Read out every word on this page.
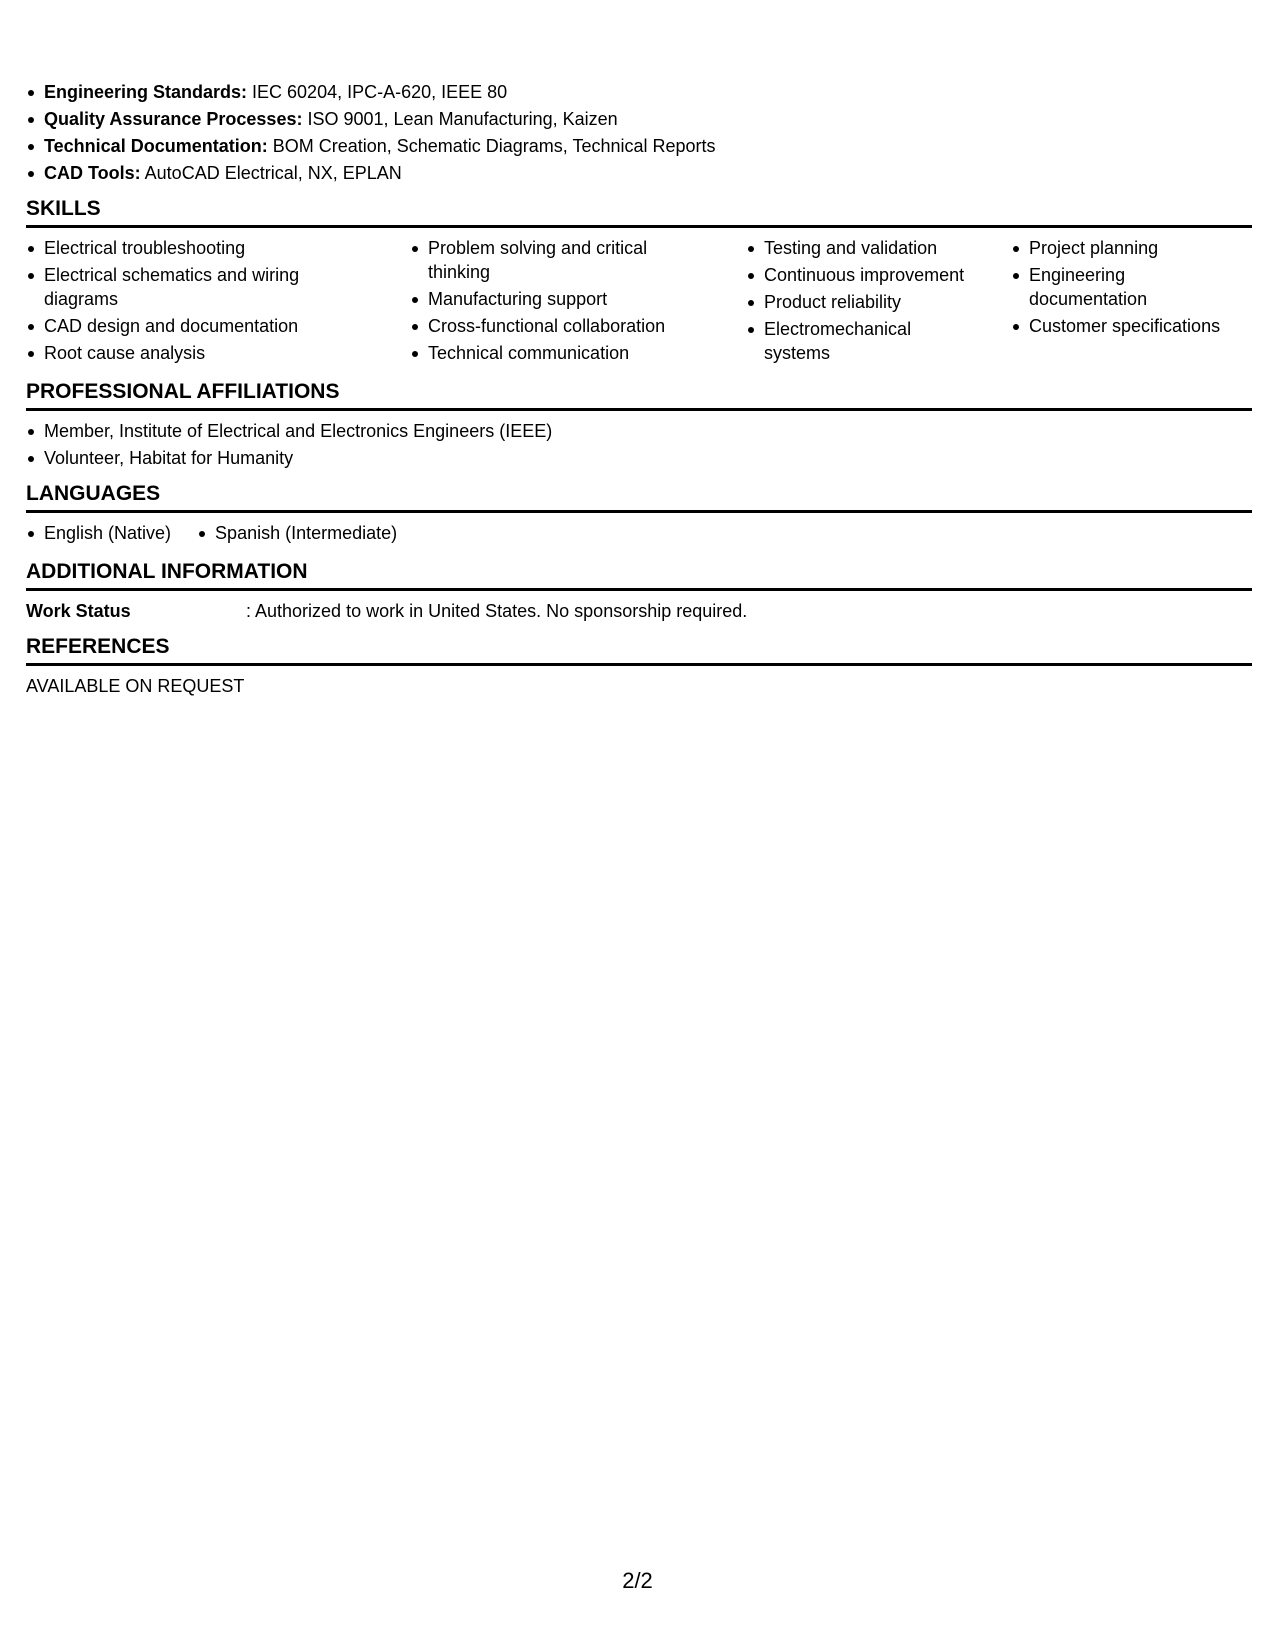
Engineering Standards: IEC 60204, IPC-A-620, IEEE 80
Quality Assurance Processes: ISO 9001, Lean Manufacturing, Kaizen
Technical Documentation: BOM Creation, Schematic Diagrams, Technical Reports
CAD Tools: AutoCAD Electrical, NX, EPLAN
SKILLS
Electrical troubleshooting
Electrical schematics and wiring diagrams
CAD design and documentation
Root cause analysis
Problem solving and critical thinking
Manufacturing support
Cross-functional collaboration
Technical communication
Testing and validation
Continuous improvement
Product reliability
Electromechanical systems
Project planning
Engineering documentation
Customer specifications
PROFESSIONAL AFFILIATIONS
Member, Institute of Electrical and Electronics Engineers (IEEE)
Volunteer, Habitat for Humanity
LANGUAGES
English (Native)	Spanish (Intermediate)
ADDITIONAL INFORMATION
Work Status	: Authorized to work in United States. No sponsorship required.
REFERENCES
AVAILABLE ON REQUEST
2/2
